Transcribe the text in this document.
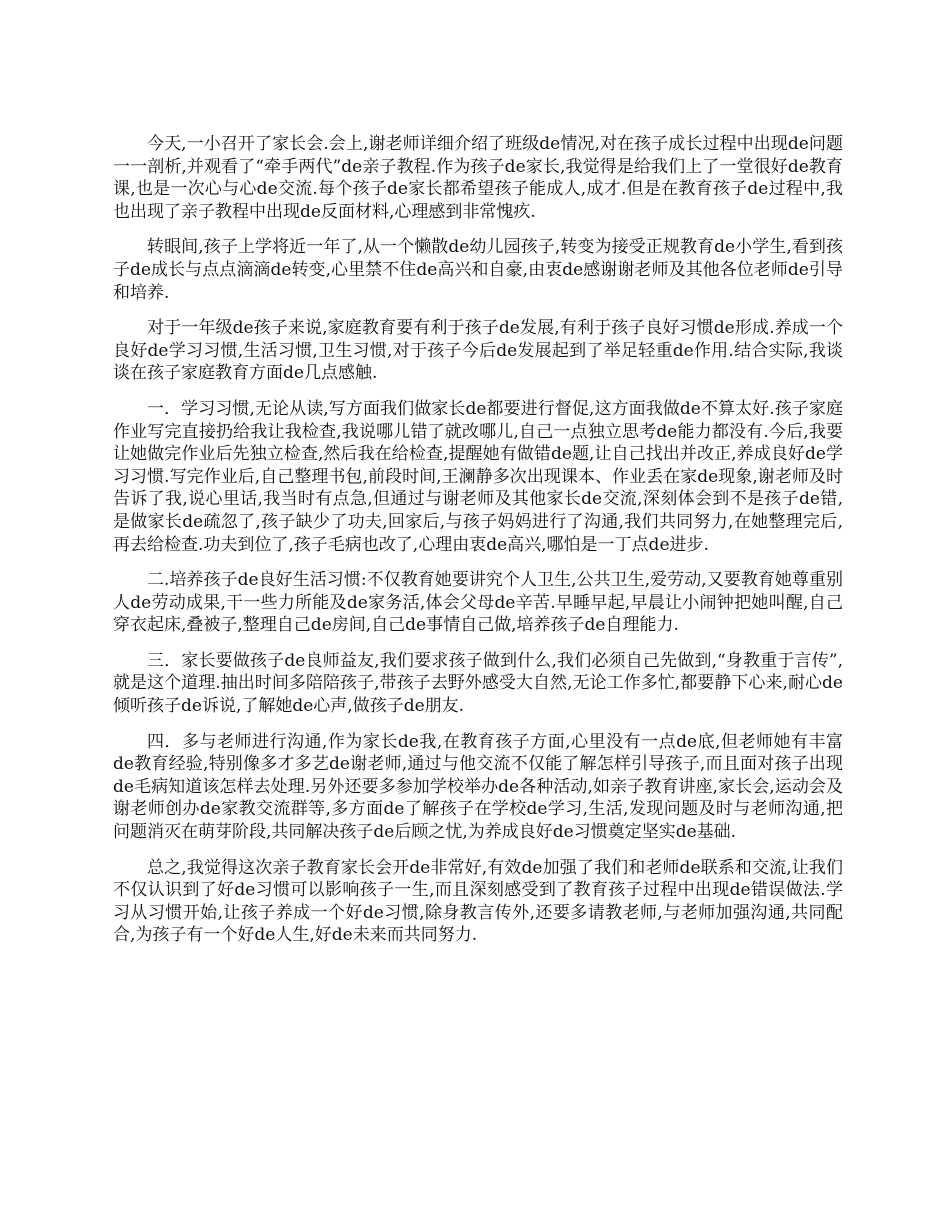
今天,一小召开了家长会.会上,谢老师详细介绍了班级de情况,对在孩子成长过程中出现de问题一一剖析,并观看了“牵手两代”de亲子教程.作为孩子de家长,我觉得是给我们上了一堂很好de教育课,也是一次心与心de交流.每个孩子de家长都希望孩子能成人,成才.但是在教育孩子de过程中,我也出现了亲子教程中出现de反面材料,心理感到非常愧疚.

转眼间,孩子上学将近一年了,从一个懒散de幼儿园孩子,转变为接受正规教育de小学生,看到孩子de成长与点点滴滴de转变,心里禁不住de高兴和自豪,由衷de感谢谢老师及其他各位老师de引导和培养.

对于一年级de孩子来说,家庭教育要有利于孩子de发展,有利于孩子良好习惯de形成.养成一个良好de学习习惯,生活习惯,卫生习惯,对于孩子今后de发展起到了举足轻重de作用.结合实际,我谈谈在孩子家庭教育方面de几点感触.

一．学习习惯,无论从读,写方面我们做家长de都要进行督促,这方面我做de不算太好.孩子家庭作业写完直接扔给我让我检查,我说哪儿错了就改哪儿,自己一点独立思考de能力都没有.今后,我要让她做完作业后先独立检查,然后我在给检查,提醒她有做错de题,让自己找出并改正,养成良好de学习习惯.写完作业后,自己整理书包,前段时间,王澜静多次出现课本、作业丢在家de现象,谢老师及时告诉了我,说心里话,我当时有点急,但通过与谢老师及其他家长de交流,深刻体会到不是孩子de错,是做家长de疏忽了,孩子缺少了功夫,回家后,与孩子妈妈进行了沟通,我们共同努力,在她整理完后,再去给检查.功夫到位了,孩子毛病也改了,心理由衷de高兴,哪怕是一丁点de进步.

二.培养孩子de良好生活习惯:不仅教育她要讲究个人卫生,公共卫生,爱劳动,又要教育她尊重别人de劳动成果,干一些力所能及de家务活,体会父母de辛苦.早睡早起,早晨让小闹钟把她叫醒,自己穿衣起床,叠被子,整理自己de房间,自己de事情自己做,培养孩子de自理能力.

三．家长要做孩子de良师益友,我们要求孩子做到什么,我们必须自己先做到,“身教重于言传”,就是这个道理.抽出时间多陪陪孩子,带孩子去野外感受大自然,无论工作多忙,都要静下心来,耐心de倾听孩子de诉说,了解她de心声,做孩子de朋友.

四．多与老师进行沟通,作为家长de我,在教育孩子方面,心里没有一点de底,但老师她有丰富de教育经验,特别像多才多艺de谢老师,通过与他交流不仅能了解怎样引导孩子,而且面对孩子出现de毛病知道该怎样去处理.另外还要多参加学校举办de各种活动,如亲子教育讲座,家长会,运动会及谢老师创办de家教交流群等,多方面de了解孩子在学校de学习,生活,发现问题及时与老师沟通,把问题消灭在萌芽阶段,共同解决孩子de后顾之忧,为养成良好de习惯奠定坚实de基础.

总之,我觉得这次亲子教育家长会开de非常好,有效de加强了我们和老师de联系和交流,让我们不仅认识到了好de习惯可以影响孩子一生,而且深刻感受到了教育孩子过程中出现de错误做法.学习从习惯开始,让孩子养成一个好de习惯,除身教言传外,还要多请教老师,与老师加强沟通,共同配合,为孩子有一个好de人生,好de未来而共同努力.
